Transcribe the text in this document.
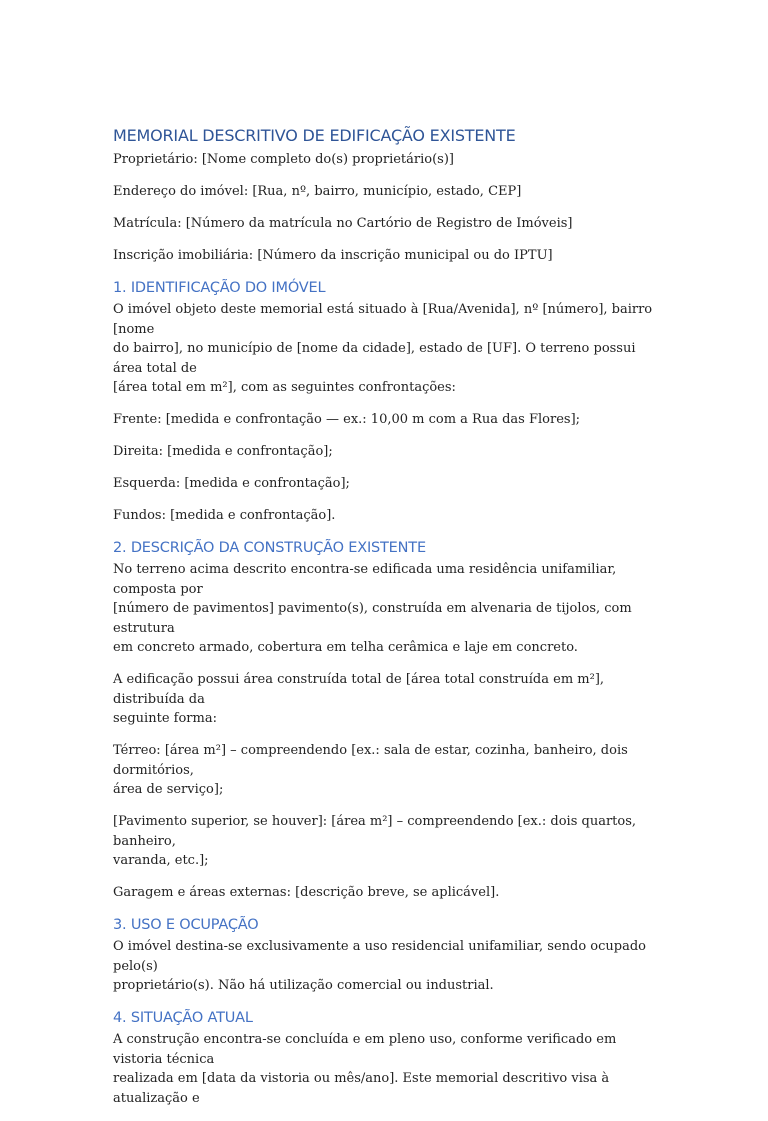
MEMORIAL DESCRITIVO DE EDIFICAÇÃO EXISTENTE
Proprietário: [Nome completo do(s) proprietário(s)]
Endereço do imóvel: [Rua, nº, bairro, município, estado, CEP]
Matrícula: [Número da matrícula no Cartório de Registro de Imóveis]
Inscrição imobiliária: [Número da inscrição municipal ou do IPTU]
1. IDENTIFICAÇÃO DO IMÓVEL
O imóvel objeto deste memorial está situado à [Rua/Avenida], nº [número], bairro [nome
do bairro], no município de [nome da cidade], estado de [UF]. O terreno possui área total de
[área total em m²], com as seguintes confrontações:
Frente: [medida e confrontação — ex.: 10,00 m com a Rua das Flores];
Direita: [medida e confrontação];
Esquerda: [medida e confrontação];
Fundos: [medida e confrontação].
2. DESCRIÇÃO DA CONSTRUÇÃO EXISTENTE
No terreno acima descrito encontra-se edificada uma residência unifamiliar, composta por
[número de pavimentos] pavimento(s), construída em alvenaria de tijolos, com estrutura
em concreto armado, cobertura em telha cerâmica e laje em concreto.
A edificação possui área construída total de [área total construída em m²], distribuída da
seguinte forma:
Térreo: [área m²] – compreendendo [ex.: sala de estar, cozinha, banheiro, dois dormitórios,
área de serviço];
[Pavimento superior, se houver]: [área m²] – compreendendo [ex.: dois quartos, banheiro,
varanda, etc.];
Garagem e áreas externas: [descrição breve, se aplicável].
3. USO E OCUPAÇÃO
O imóvel destina-se exclusivamente a uso residencial unifamiliar, sendo ocupado pelo(s)
proprietário(s). Não há utilização comercial ou industrial.
4. SITUAÇÃO ATUAL
A construção encontra-se concluída e em pleno uso, conforme verificado em vistoria técnica
realizada em [data da vistoria ou mês/ano]. Este memorial descritivo visa à atualização e
